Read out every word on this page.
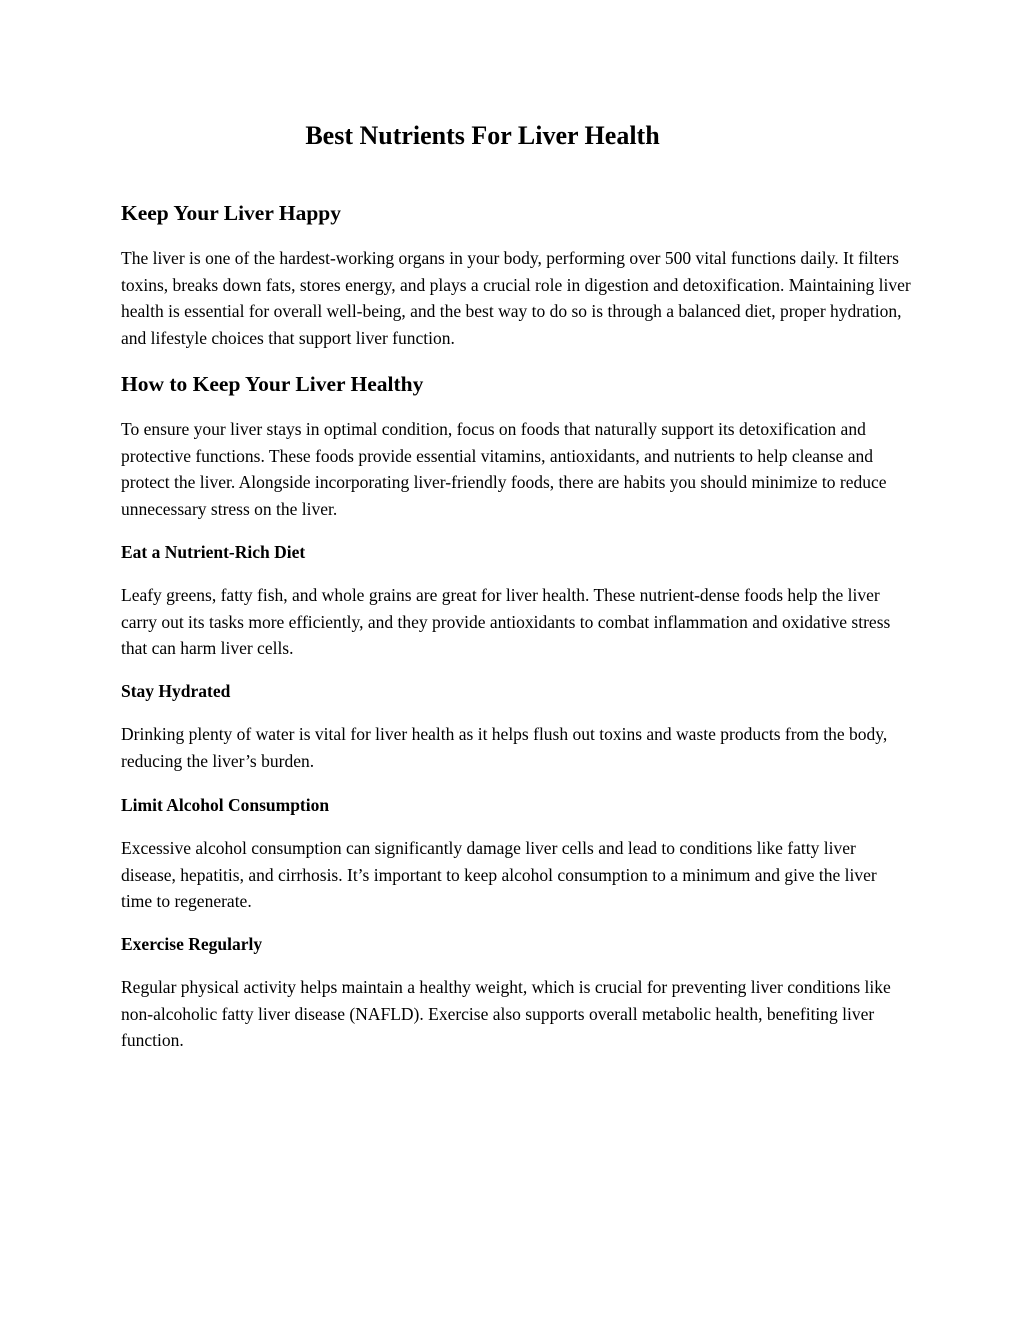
Best Nutrients For Liver Health
Keep Your Liver Happy

The liver is one of the hardest-working organs in your body, performing over 500 vital functions daily. It filters toxins, breaks down fats, stores energy, and plays a crucial role in digestion and detoxification. Maintaining liver health is essential for overall well-being, and the best way to do so is through a balanced diet, proper hydration, and lifestyle choices that support liver function.

How to Keep Your Liver Healthy

To ensure your liver stays in optimal condition, focus on foods that naturally support its detoxification and protective functions. These foods provide essential vitamins, antioxidants, and nutrients to help cleanse and protect the liver. Alongside incorporating liver-friendly foods, there are habits you should minimize to reduce unnecessary stress on the liver.

Eat a Nutrient-Rich Diet

Leafy greens, fatty fish, and whole grains are great for liver health. These nutrient-dense foods help the liver carry out its tasks more efficiently, and they provide antioxidants to combat inflammation and oxidative stress that can harm liver cells.

Stay Hydrated

Drinking plenty of water is vital for liver health as it helps flush out toxins and waste products from the body, reducing the liver’s burden.

Limit Alcohol Consumption

Excessive alcohol consumption can significantly damage liver cells and lead to conditions like fatty liver disease, hepatitis, and cirrhosis. It’s important to keep alcohol consumption to a minimum and give the liver time to regenerate.

Exercise Regularly

Regular physical activity helps maintain a healthy weight, which is crucial for preventing liver conditions like non-alcoholic fatty liver disease (NAFLD). Exercise also supports overall metabolic health, benefiting liver function.
